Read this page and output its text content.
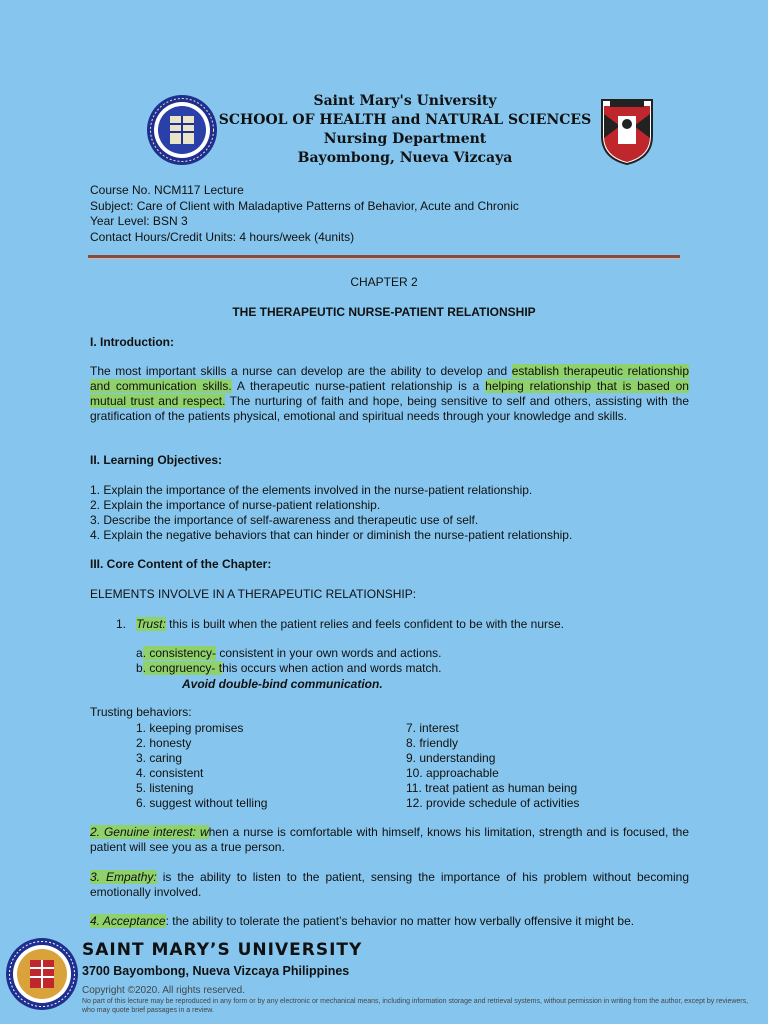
Saint Mary's University
SCHOOL OF HEALTH and NATURAL SCIENCES
Nursing Department
Bayombong, Nueva Vizcaya
Course No. NCM117 Lecture
Subject: Care of Client with Maladaptive Patterns of Behavior, Acute and Chronic
Year Level: BSN 3
Contact Hours/Credit Units: 4 hours/week (4units)
CHAPTER 2
THE THERAPEUTIC NURSE-PATIENT RELATIONSHIP
I. Introduction:
The most important skills a nurse can develop are the ability to develop and establish therapeutic relationship and communication skills. A therapeutic nurse-patient relationship is a helping relationship that is based on mutual trust and respect. The nurturing of faith and hope, being sensitive to self and others, assisting with the gratification of the patients physical, emotional and spiritual needs through your knowledge and skills.
II. Learning Objectives:
1. Explain the importance of the elements involved in the nurse-patient relationship.
2. Explain the importance of nurse-patient relationship.
3. Describe the importance of self-awareness and therapeutic use of self.
4. Explain the negative behaviors that can hinder or diminish the nurse-patient relationship.
III. Core Content of the Chapter:
ELEMENTS INVOLVE IN A THERAPEUTIC RELATIONSHIP:
1. Trust: this is built when the patient relies and feels confident to be with the nurse.
a. consistency- consistent in your own words and actions.
b. congruency- this occurs when action and words match.
Avoid double-bind communication.
Trusting behaviors:
1. keeping promises
2. honesty
3. caring
4. consistent
5. listening
6. suggest without telling
7. interest
8. friendly
9. understanding
10. approachable
11. treat patient as human being
12. provide schedule of activities
2. Genuine interest: when a nurse is comfortable with himself, knows his limitation, strength and is focused, the patient will see you as a true person.
3. Empathy: is the ability to listen to the patient, sensing the importance of his problem without becoming emotionally involved.
4. Acceptance: the ability to tolerate the patient’s behavior no matter how verbally offensive it might be.
SAINT MARY’S UNIVERSITY
3700 Bayombong, Nueva Vizcaya Philippines
Copyright ©2020. All rights reserved.
No part of this lecture may be reproduced in any form or by any electronic or mechanical means, including information storage and retrieval systems, without permission in writing from the author, except by reviewers, who may quote brief passages in a review.
